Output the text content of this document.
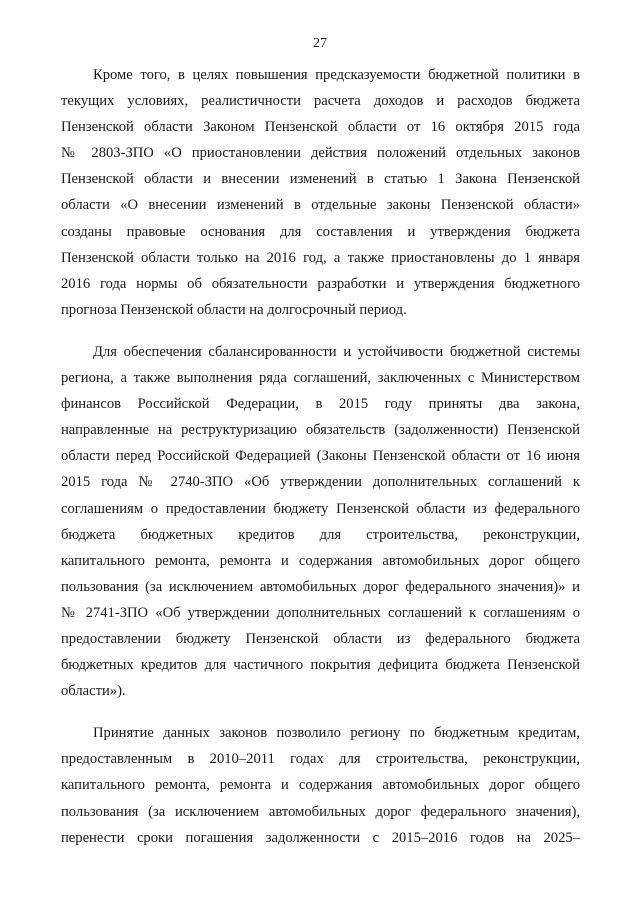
27
Кроме того, в целях повышения предсказуемости бюджетной политики в
текущих условиях, реалистичности расчета доходов и расходов бюджета
Пензенской области Законом Пензенской области от 16 октября 2015 года
№ 2803-ЗПО «О приостановлении действия положений отдельных законов
Пензенской области и внесении изменений в статью 1 Закона Пензенской
области «О внесении изменений в отдельные законы Пензенской области»
созданы правовые основания для составления и утверждения бюджета
Пензенской области только на 2016 год, а также приостановлены до 1 января
2016 года нормы об обязательности разработки и утверждения бюджетного
прогноза Пензенской области на долгосрочный период.
Для обеспечения сбалансированности и устойчивости бюджетной системы
региона, а также выполнения ряда соглашений, заключенных с Министерством
финансов Российской Федерации, в 2015 году приняты два закона,
направленные на реструктуризацию обязательств (задолженности) Пензенской
области перед Российской Федерацией (Законы Пензенской области от 16 июня
2015 года № 2740-ЗПО «Об утверждении дополнительных соглашений к
соглашениям о предоставлении бюджету Пензенской области из федерального
бюджета бюджетных кредитов для строительства, реконструкции,
капитального ремонта, ремонта и содержания автомобильных дорог общего
пользования (за исключением автомобильных дорог федерального значения)» и
№ 2741-ЗПО «Об утверждении дополнительных соглашений к соглашениям о
предоставлении бюджету Пензенской области из федерального бюджета
бюджетных кредитов для частичного покрытия дефицита бюджета Пензенской
области»).
Принятие данных законов позволило региону по бюджетным кредитам,
предоставленным в 2010–2011 годах для строительства, реконструкции,
капитального ремонта, ремонта и содержания автомобильных дорог общего
пользования (за исключением автомобильных дорог федерального значения),
перенести сроки погашения задолженности с 2015–2016 годов на 2025–
